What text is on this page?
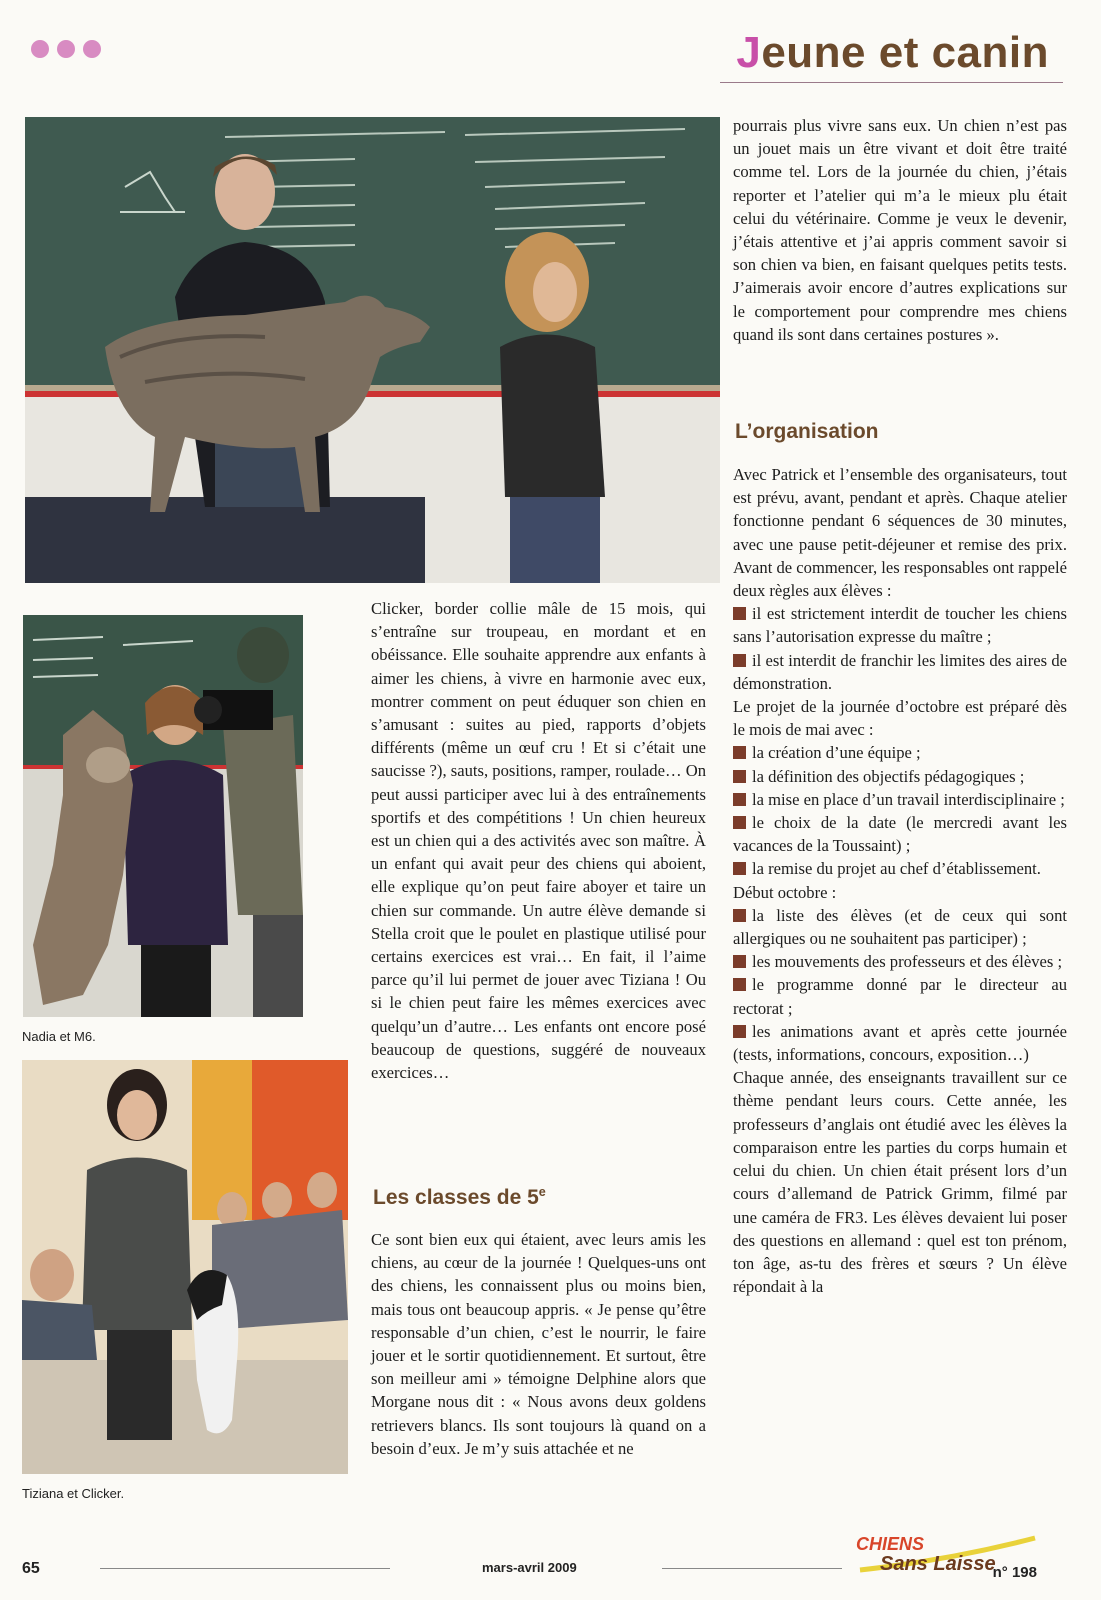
Jeune et canin
Nadia et M6.
Tiziana et Clicker.

Clicker, border collie mâle de 15 mois, qui s’entraîne sur troupeau, en mordant et en obéissance. Elle souhaite apprendre aux enfants à aimer les chiens, à vivre en harmonie avec eux, montrer comment on peut éduquer son chien en s’amusant : suites au pied, rapports d’objets différents (même un œuf cru ! Et si c’était une saucisse ?), sauts, positions, ramper, roulade… On peut aussi participer avec lui à des entraînements sportifs et des compétitions ! Un chien heureux est un chien qui a des activités avec son maître. À un enfant qui avait peur des chiens qui aboient, elle explique qu’on peut faire aboyer et taire un chien sur commande. Un autre élève demande si Stella croit que le poulet en plastique utilisé pour certains exercices est vrai… En fait, il l’aime parce qu’il lui permet de jouer avec Tiziana ! Ou si le chien peut faire les mêmes exercices avec quelqu’un d’autre… Les enfants ont encore posé beaucoup de questions, suggéré de nouveaux exercices…

Les classes de 5e

Ce sont bien eux qui étaient, avec leurs amis les chiens, au cœur de la journée ! Quelques-uns ont des chiens, les connaissent plus ou moins bien, mais tous ont beaucoup appris. « Je pense qu’être responsable d’un chien, c’est le nourrir, le faire jouer et le sortir quotidiennement. Et surtout, être son meilleur ami » témoigne Delphine alors que Morgane nous dit : « Nous avons deux goldens retrievers blancs. Ils sont toujours là quand on a besoin d’eux. Je m’y suis attachée et ne

pourrais plus vivre sans eux. Un chien n’est pas un jouet mais un être vivant et doit être traité comme tel. Lors de la journée du chien, j’étais reporter et l’atelier qui m’a le mieux plu était celui du vétérinaire. Comme je veux le devenir, j’étais attentive et j’ai appris comment savoir si son chien va bien, en faisant quelques petits tests. J’aimerais avoir encore d’autres explications sur le comportement pour comprendre mes chiens quand ils sont dans certaines postures ».

L’organisation

Avec Patrick et l’ensemble des organisateurs, tout est prévu, avant, pendant et après. Chaque atelier fonctionne pendant 6 séquences de 30 minutes, avec une pause petit-déjeuner et remise des prix. Avant de commencer, les responsables ont rappelé deux règles aux élèves :

il est strictement interdit de toucher les chiens sans l’autorisation expresse du maître ;

il est interdit de franchir les limites des aires de démonstration.

Le projet de la journée d’octobre est préparé dès le mois de mai avec :

la création d’une équipe ;

la définition des objectifs pédagogiques ;

la mise en place d’un travail interdisciplinaire ;

le choix de la date (le mercredi avant les vacances de la Toussaint) ;

la remise du projet au chef d’établissement.

Début octobre :

la liste des élèves (et de ceux qui sont allergiques ou ne souhaitent pas participer) ;

les mouvements des professeurs et des élèves ;

le programme donné par le directeur au rectorat ;

les animations avant et après cette journée (tests, informations, concours, exposition…)

Chaque année, des enseignants travaillent sur ce thème pendant leurs cours. Cette année, les professeurs d’anglais ont étudié avec les élèves la comparaison entre les parties du corps humain et celui du chien. Un chien était présent lors d’un cours d’allemand de Patrick Grimm, filmé par une caméra de FR3. Les élèves devaient lui poser des questions en allemand : quel est ton prénom, ton âge, as-tu des frères et sœurs ? Un élève répondait à la

65	mars-avril 2009
CHIENS
Sans Laisse
n° 198
